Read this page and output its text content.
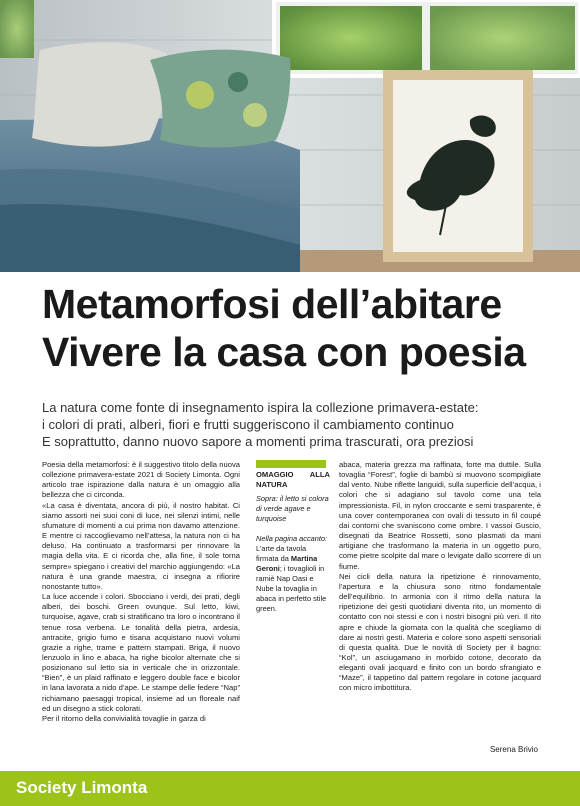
Metamorfosi dell’abitare
Vivere la casa con poesia
La natura come fonte di insegnamento ispira la collezione primavera-estate:
i colori di prati, alberi, fiori e frutti suggeriscono il cambiamento continuo
E soprattutto, danno nuovo sapore a momenti prima trascurati, ora preziosi

Poesia della metamorfosi: è il suggestivo titolo della nuova collezione primavera-estate 2021 di Society Limonta. Ogni articolo trae ispirazione dalla natura è un omaggio alla bellezza che ci circonda.

«La casa è diventata, ancora di più, il nostro habitat. Ci siamo assorti nei suoi coni di luce, nei silenzi intimi, nelle sfumature di momenti a cui prima non davamo attenzione. E mentre ci raccoglievamo nell’attesa, la natura non ci ha deluso. Ha continuato a trasformarsi per rinnovare la magia della vita. E ci ricorda che, alla fine, il sole torna sempre» spiegano i creativi del marchio aggiungendo: «La natura è una grande maestra, ci insegna a rifiorire nonostante tutto».

La luce accende i colori. Sbocciano i verdi, dei prati, degli alberi, dei boschi. Green ovunque. Sul letto, kiwi, turquoise, agave, crab si stratificano tra loro o incontrano il tenue rosa verbena. Le tonalità della pietra, ardesia, antracite, grigio fumo e tisana acquistano nuovi volumi grazie a righe, trame e pattern stampati. Briga, il nuovo lenzuolo in lino e abaca, ha righe bicolor alternate che si posizionano sul letto sia in verticale che in orizzontale. “Bien”, è un plaid raffinato e leggero double face e bicolor in lana lavorata a nido d’ape. Le stampe delle federe “Nap” richiamano paesaggi tropical, insieme ad un floreale naif ed un disegno a stick colorati.

Per il ritorno della convivialità tovaglie in garza di

OMAGGIO ALLA NATURA

Sopra: il letto si colora di verde agave e turquoise

Nella pagina accanto:

L’arte da tavola firmata da Martina Geroni; i tovaglioli in ramiè Nap Oasi e Nube la tovaglia in abaca in perfetto stile green.

abaca, materia grezza ma raffinata, forte ma duttile. Sulla tovaglia “Forest”, foglie di bambù si muovono scompigliate dal vento. Nube riflette languidi, sulla superficie dell’acqua, i colori che si adagiano sul tavolo come una tela impressionista. Fil, in nylon croccante e semi trasparente, è una cover contemporanea con ovali di tessuto in fil coupé dai contorni che svaniscono come ombre. I vassoi Guscio, disegnati da Beatrice Rossetti, sono plasmati da mani artigiane che trasformano la materia in un oggetto puro, come pietre scolpite dal mare o levigate dallo scorrere di un fiume.

Nei cicli della natura la ripetizione è rinnovamento, l’apertura e la chiusura sono ritmo fondamentale dell’equilibrio. In armonia con il ritmo della natura la ripetizione dei gesti quotidiani diventa rito, un momento di contatto con noi stessi e con i nostri bisogni più veri. Il rito apre e chiude la giornata con la qualità che scegliamo di dare ai nostri gesti. Materia e colore sono aspetti sensoriali di questa qualità. Due le novità di Society per il bagno: “Kol”, un asciugamano in morbido cotone, decorato da eleganti ovali jacquard e finito con un bordo sfrangiato e “Maze”, il tappetino dal pattern regolare in cotone jacquard con micro imbottitura.

Serena Brivio
Society Limonta
